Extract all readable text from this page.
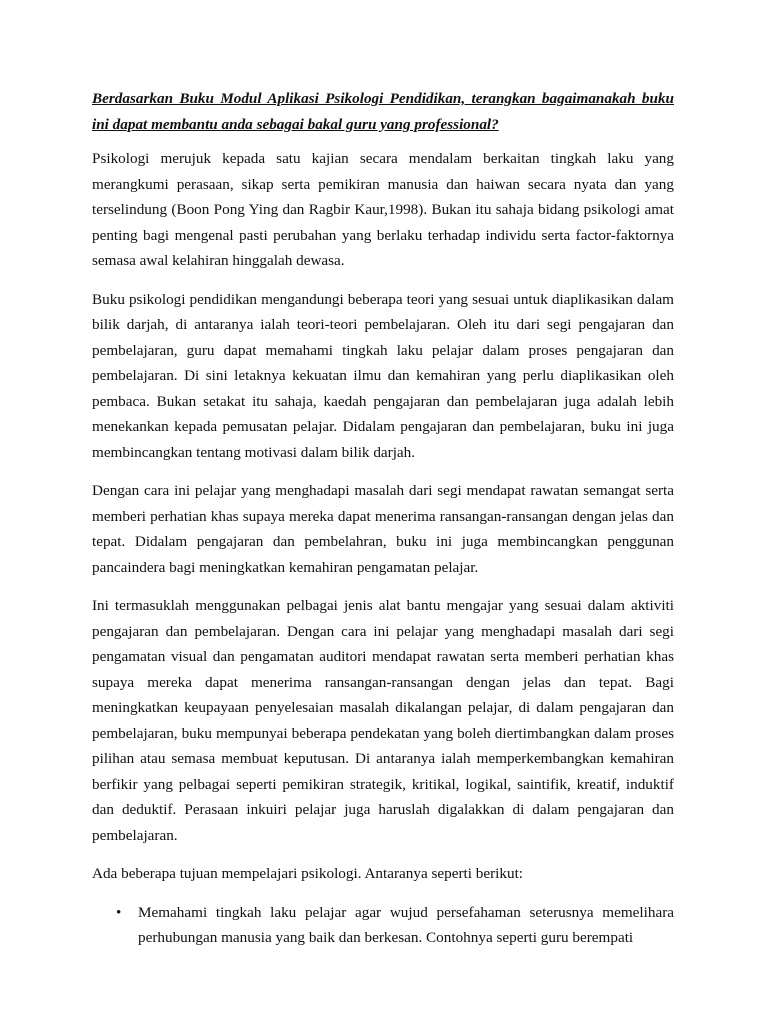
Berdasarkan Buku Modul Aplikasi Psikologi Pendidikan, terangkan bagaimanakah buku ini dapat membantu anda sebagai bakal guru yang professional?

Psikologi merujuk kepada satu kajian secara mendalam berkaitan tingkah laku yang merangkumi perasaan, sikap serta pemikiran manusia dan haiwan secara nyata dan yang terselindung (Boon Pong Ying dan Ragbir Kaur,1998). Bukan itu sahaja bidang psikologi amat penting bagi mengenal pasti perubahan yang berlaku terhadap individu serta factor-faktornya semasa awal kelahiran hinggalah dewasa.

Buku psikologi pendidikan mengandungi beberapa teori yang sesuai untuk diaplikasikan dalam bilik darjah, di antaranya ialah teori-teori pembelajaran. Oleh itu dari segi pengajaran dan pembelajaran, guru dapat memahami tingkah laku pelajar dalam proses pengajaran dan pembelajaran. Di sini letaknya kekuatan ilmu dan kemahiran yang perlu diaplikasikan oleh pembaca. Bukan setakat itu sahaja, kaedah pengajaran dan pembelajaran juga adalah lebih menekankan kepada pemusatan pelajar. Didalam pengajaran dan pembelajaran, buku ini juga membincangkan tentang motivasi dalam bilik darjah.

Dengan cara ini pelajar yang menghadapi masalah dari segi mendapat rawatan semangat serta memberi perhatian khas supaya mereka dapat menerima ransangan-ransangan dengan jelas dan tepat. Didalam pengajaran dan pembelahran, buku ini juga membincangkan penggunan pancaindera bagi meningkatkan kemahiran pengamatan pelajar.

Ini termasuklah menggunakan pelbagai jenis alat bantu mengajar yang sesuai dalam aktiviti pengajaran dan pembelajaran. Dengan cara ini pelajar yang menghadapi masalah dari segi pengamatan visual dan pengamatan auditori mendapat rawatan serta memberi perhatian khas supaya mereka dapat menerima ransangan-ransangan dengan jelas dan tepat. Bagi meningkatkan keupayaan penyelesaian masalah dikalangan pelajar, di dalam pengajaran dan pembelajaran, buku mempunyai beberapa pendekatan yang boleh diertimbangkan dalam proses pilihan atau semasa membuat keputusan. Di antaranya ialah memperkembangkan kemahiran berfikir yang pelbagai seperti pemikiran strategik, kritikal, logikal, saintifik, kreatif, induktif dan deduktif. Perasaan inkuiri pelajar juga haruslah digalakkan di dalam pengajaran dan pembelajaran.

Ada beberapa tujuan mempelajari psikologi. Antaranya seperti berikut:

• Memahami tingkah laku pelajar agar wujud persefahaman seterusnya memelihara perhubungan manusia yang baik dan berkesan. Contohnya seperti guru berempati
